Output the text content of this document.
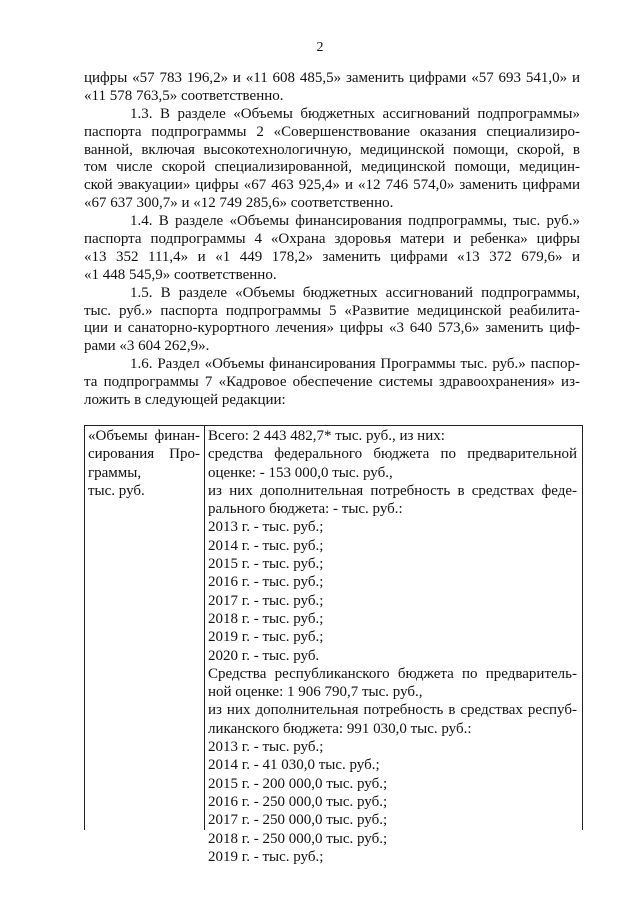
2
цифры «57 783 196,2» и «11 608 485,5» заменить цифрами «57 693 541,0» и
«11 578 763,5» соответственно.
1.3. В разделе «Объемы бюджетных ассигнований подпрограммы»
паспорта подпрограммы 2 «Совершенствование оказания специализиро-
ванной, включая высокотехнологичную, медицинской помощи, скорой, в
том числе скорой специализированной, медицинской помощи, медицин-
ской эвакуации» цифры «67 463 925,4» и «12 746 574,0» заменить цифрами
«67 637 300,7» и «12 749 285,6» соответственно.
1.4. В разделе «Объемы финансирования подпрограммы, тыс. руб.»
паспорта подпрограммы 4 «Охрана здоровья матери и ребенка» цифры
«13 352 111,4» и «1 449 178,2» заменить цифрами «13 372 679,6» и
«1 448 545,9» соответственно.
1.5. В разделе «Объемы бюджетных ассигнований подпрограммы,
тыс. руб.» паспорта подпрограммы 5 «Развитие медицинской реабилита-
ции и санаторно-курортного лечения» цифры «3 640 573,6» заменить циф-
рами «3 604 262,9».
1.6. Раздел «Объемы финансирования Программы тыс. руб.» паспор-
та подпрограммы 7 «Кадровое обеспечение системы здравоохранения» из-
ложить в следующей редакции:
«Объемы финан-
сирования Про-
граммы,
тыс. руб.
Всего: 2 443 482,7* тыс. руб., из них:
средства федерального бюджета по предварительной
оценке: - 153 000,0 тыс. руб.,
из них дополнительная потребность в средствах феде-
рального бюджета: - тыс. руб.:
2013 г. - тыс. руб.;
2014 г. - тыс. руб.;
2015 г. - тыс. руб.;
2016 г. - тыс. руб.;
2017 г. - тыс. руб.;
2018 г. - тыс. руб.;
2019 г. - тыс. руб.;
2020 г. - тыс. руб.
Средства республиканского бюджета по предваритель-
ной оценке: 1 906 790,7 тыс. руб.,
из них дополнительная потребность в средствах респуб-
ликанского бюджета: 991 030,0 тыс. руб.:
2013 г. - тыс. руб.;
2014 г. - 41 030,0 тыс. руб.;
2015 г. - 200 000,0 тыс. руб.;
2016 г. - 250 000,0 тыс. руб.;
2017 г. - 250 000,0 тыс. руб.;
2018 г. - 250 000,0 тыс. руб.;
2019 г. - тыс. руб.;
